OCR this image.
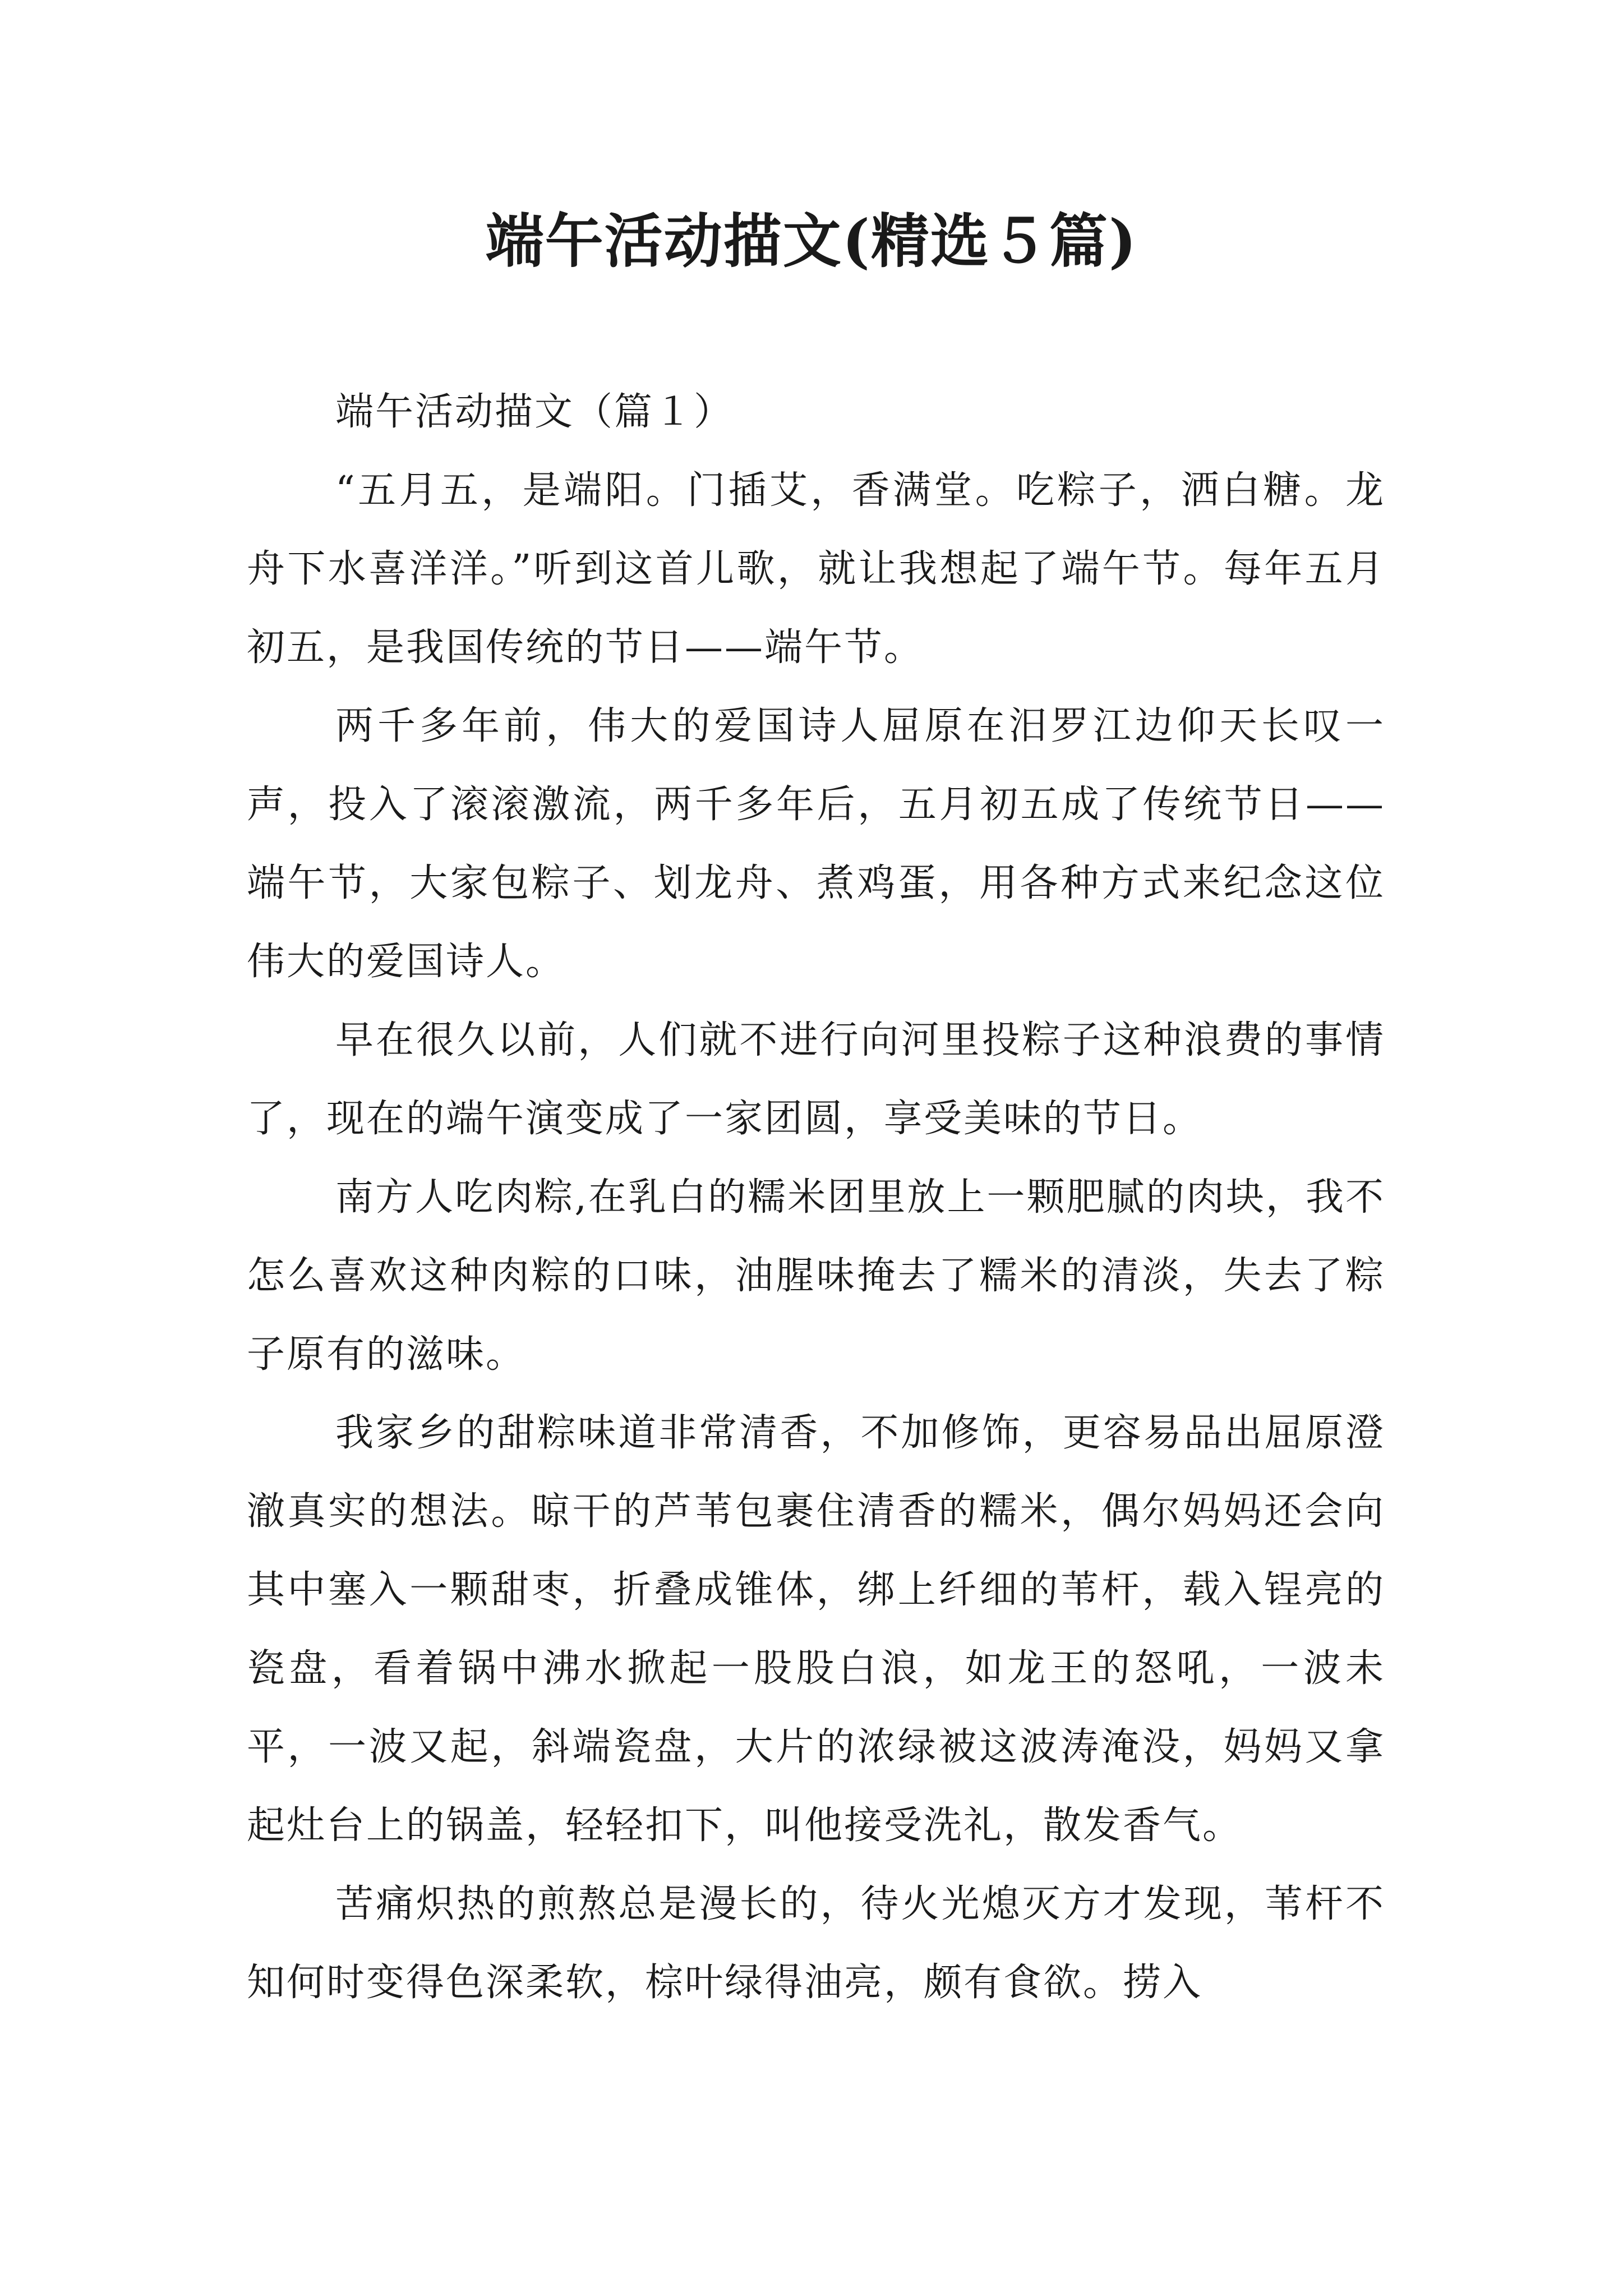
端午活动描文(精选５篇)

端午活动描文（篇１）

“五月五，是端阳。门插艾，香满堂。吃粽子，洒白糖。龙舟下水喜洋洋。”听到这首儿歌，就让我想起了端午节。每年五月初五，是我国传统的节日——端午节。

两千多年前，伟大的爱国诗人屈原在汨罗江边仰天长叹一声，投入了滚滚激流，两千多年后，五月初五成了传统节日——端午节，大家包粽子、划龙舟、煮鸡蛋，用各种方式来纪念这位伟大的爱国诗人。

早在很久以前，人们就不进行向河里投粽子这种浪费的事情了，现在的端午演变成了一家团圆，享受美味的节日。

南方人吃肉粽,在乳白的糯米团里放上一颗肥腻的肉块，我不怎么喜欢这种肉粽的口味，油腥味掩去了糯米的清淡，失去了粽子原有的滋味。

我家乡的甜粽味道非常清香，不加修饰，更容易品出屈原澄澈真实的想法。晾干的芦苇包裹住清香的糯米，偶尔妈妈还会向其中塞入一颗甜枣，折叠成锥体，绑上纤细的苇杆，载入锃亮的瓷盘，看着锅中沸水掀起一股股白浪，如龙王的怒吼，一波未平，一波又起，斜端瓷盘，大片的浓绿被这波涛淹没，妈妈又拿起灶台上的锅盖，轻轻扣下，叫他接受洗礼，散发香气。

苦痛炽热的煎熬总是漫长的，待火光熄灭方才发现，苇杆不知何时变得色深柔软，棕叶绿得油亮，颇有食欲。捞入
